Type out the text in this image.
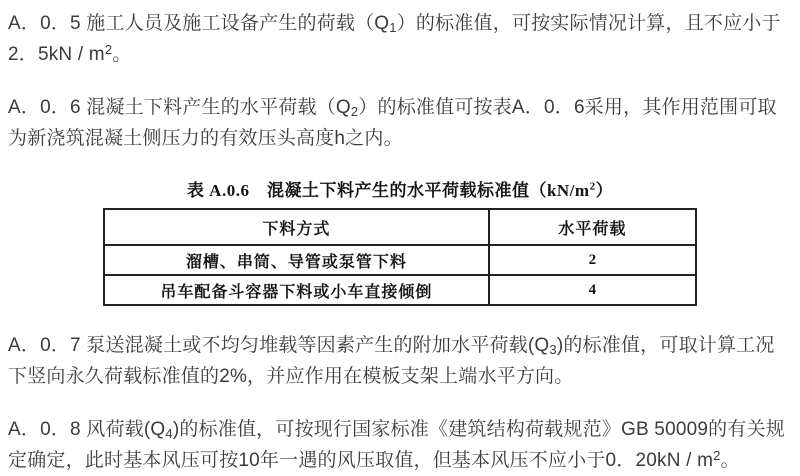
A．0．5 施工人员及施工设备产生的荷载$(Q_1)$的标准值，可按实际情况计算，且不应小于2．$5kN / m^2$。

A．0．6 混凝土下料产生的水平荷载$(Q_2)$的标准值可按表A．0．6采用，其作用范围可取为新浇筑混凝土侧压力的有效压头高度h之内。

表 A.0.6　混凝土下料产生的水平荷载标准值$(kN/m^2)$
下料方式	水平荷载
溜槽、串筒、导管或泵管下料	2
吊车配备斗容器下料或小车直接倾倒	4

A．0．7 泵送混凝土或不均匀堆载等因素产生的附加水平荷载$(Q_3)$的标准值，可取计算工况下竖向永久荷载标准值的2%，并应作用在模板支架上端水平方向。

A．0．8 风荷载$(Q_4)$的标准值，可按现行国家标准《建筑结构荷载规范》GB 50009的有关规定确定，此时基本风压可按10年一遇的风压取值，但基本风压不应小于0．$20kN / m^2$。
